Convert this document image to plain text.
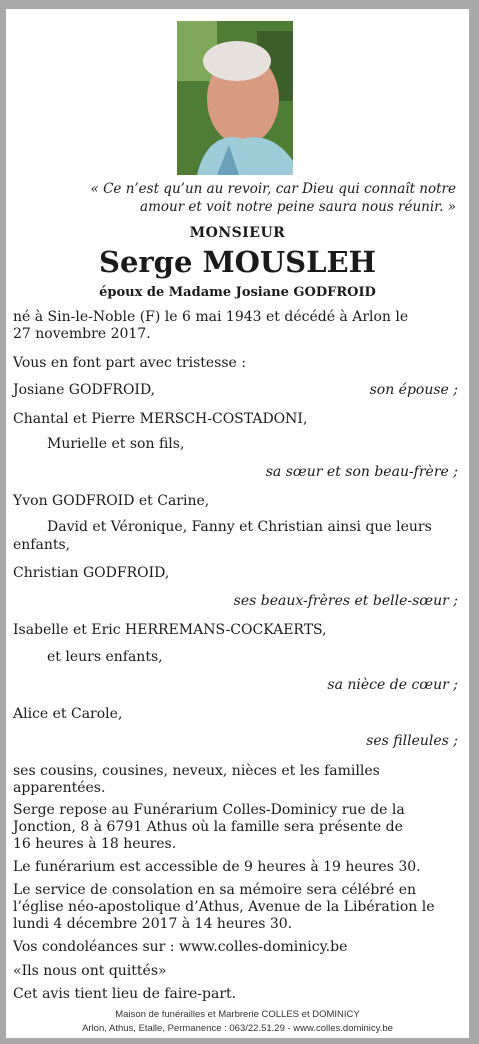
« Ce n’est qu’un au revoir, car Dieu qui connaît notre
amour et voit notre peine saura nous réunir. »
MONSIEUR
Serge MOUSLEH
époux de Madame Josiane GODFROID
né à Sin-le-Noble (F) le 6 mai 1943 et décédé à Arlon le
27 novembre 2017.
Vous en font part avec tristesse :
Josiane GODFROID,	son épouse ;
Chantal et Pierre MERSCH-COSTADONI,
Murielle et son fils,
sa sœur et son beau-frère ;
Yvon GODFROID et Carine,
David et Véronique, Fanny et Christian ainsi que leurs
enfants,
Christian GODFROID,
ses beaux-frères et belle-sœur ;
Isabelle et Eric HERREMANS-COCKAERTS,
et leurs enfants,
sa nièce de cœur ;
Alice et Carole,
ses filleules ;
ses cousins, cousines, neveux, nièces et les familles
apparentées.
Serge repose au Funérarium Colles-Dominicy rue de la
Jonction, 8 à 6791 Athus où la famille sera présente de
16 heures à 18 heures.
Le funérarium est accessible de 9 heures à 19 heures 30.
Le service de consolation en sa mémoire sera célébré en
l’église néo-apostolique d’Athus, Avenue de la Libération le
lundi 4 décembre 2017 à 14 heures 30.
Vos condoléances sur : www.colles-dominicy.be
«Ils nous ont quittés»
Cet avis tient lieu de faire-part.
Maison de funérailles et Marbrerie COLLES et DOMINICY
Arlon, Athus, Etalle, Permanence : 063/22.51.29 - www.colles.dominicy.be
